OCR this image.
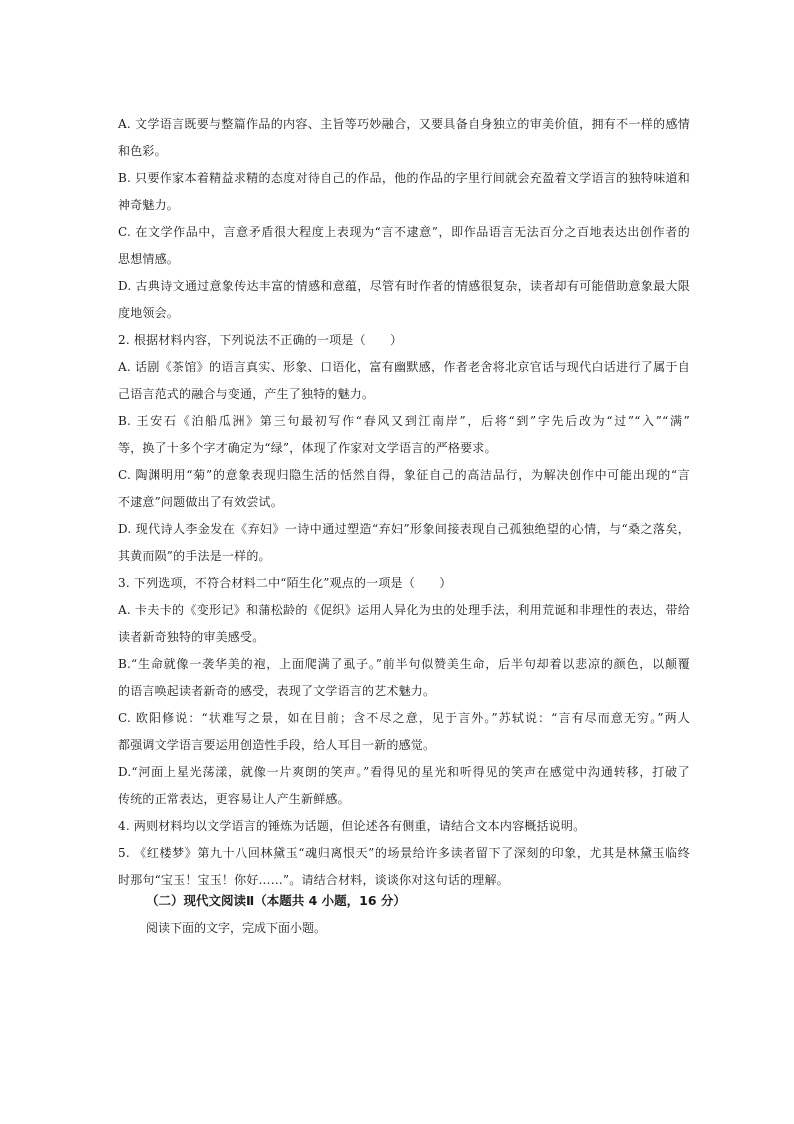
A. 文学语言既要与整篇作品的内容、主旨等巧妙融合，又要具备自身独立的审美价值，拥有不一样的感情
和色彩。
B. 只要作家本着精益求精的态度对待自己的作品，他的作品的字里行间就会充盈着文学语言的独特味道和
神奇魅力。
C. 在文学作品中，言意矛盾很大程度上表现为“言不逮意”，即作品语言无法百分之百地表达出创作者的
思想情感。
D. 古典诗文通过意象传达丰富的情感和意蕴，尽管有时作者的情感很复杂，读者却有可能借助意象最大限
度地领会。
2. 根据材料内容，下列说法不正确的一项是（　　）
A. 话剧《茶馆》的语言真实、形象、口语化，富有幽默感，作者老舍将北京官话与现代白话进行了属于自
己语言范式的融合与变通，产生了独特的魅力。
B. 王安石《泊船瓜洲》第三句最初写作“春风又到江南岸”，后将“到”字先后改为“过”“入”“满”
等，换了十多个字才确定为“绿”，体现了作家对文学语言的严格要求。
C. 陶渊明用“菊”的意象表现归隐生活的恬然自得，象征自己的高洁品行，为解决创作中可能出现的“言
不逮意”问题做出了有效尝试。
D. 现代诗人李金发在《弃妇》一诗中通过塑造“弃妇”形象间接表现自己孤独绝望的心情，与“桑之落矣，
其黄而陨”的手法是一样的。
3. 下列选项，不符合材料二中“陌生化”观点的一项是（　　）
A. 卡夫卡的《变形记》和蒲松龄的《促织》运用人异化为虫的处理手法，利用荒诞和非理性的表达，带给
读者新奇独特的审美感受。
B.“生命就像一袭华美的袍，上面爬满了虱子。”前半句似赞美生命，后半句却着以悲凉的颜色，以颠覆
的语言唤起读者新奇的感受，表现了文学语言的艺术魅力。
C. 欧阳修说：“状难写之景，如在目前；含不尽之意，见于言外。”苏轼说：“言有尽而意无穷。”两人
都强调文学语言要运用创造性手段，给人耳目一新的感觉。
D.“河面上星光荡漾，就像一片爽朗的笑声。”看得见的星光和听得见的笑声在感觉中沟通转移，打破了
传统的正常表达，更容易让人产生新鲜感。
4. 两则材料均以文学语言的锤炼为话题，但论述各有侧重，请结合文本内容概括说明。
5. 《红楼梦》第九十八回林黛玉“魂归离恨天”的场景给许多读者留下了深刻的印象，尤其是林黛玉临终
时那句“宝玉！宝玉！你好……”。请结合材料，谈谈你对这句话的理解。
（二）现代文阅读Ⅱ（本题共 4 小题，16 分）
阅读下面的文字，完成下面小题。
